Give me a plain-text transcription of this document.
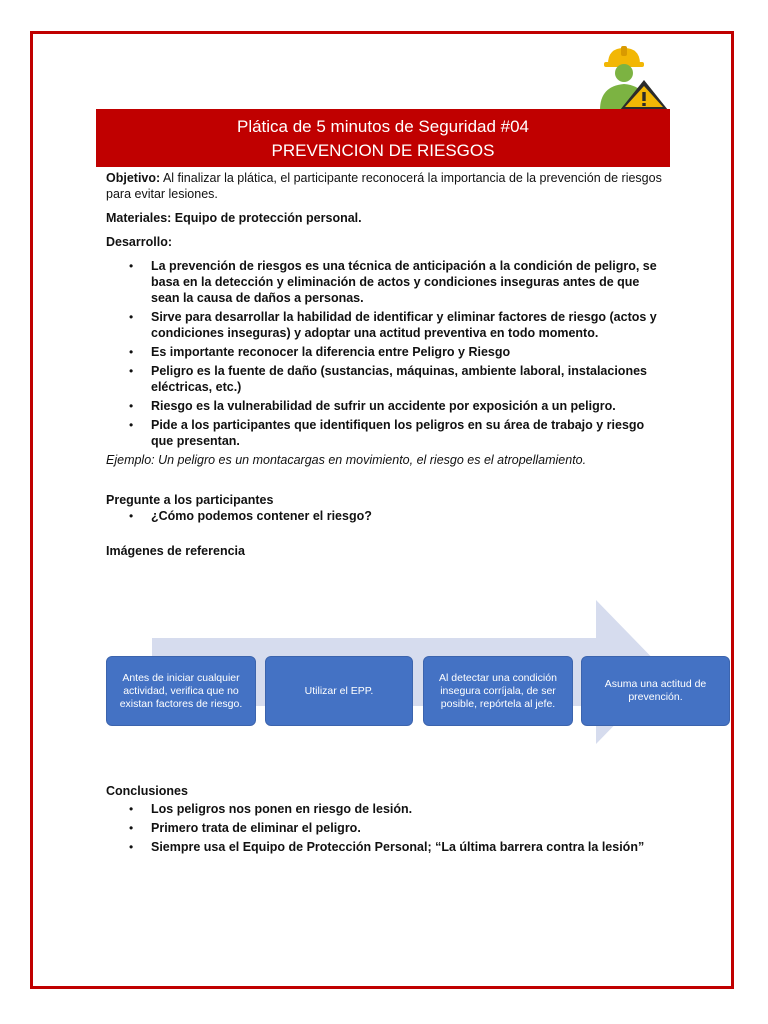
Plática de 5 minutos de Seguridad #04
PREVENCION DE RIESGOS

Objetivo: Al finalizar la plática, el participante reconocerá la importancia de la prevención de riesgos para evitar lesiones.

Materiales: Equipo de protección personal.

Desarrollo:

• La prevención de riesgos es una técnica de anticipación a la condición de peligro, se basa en la detección y eliminación de actos y condiciones inseguras antes de que sean la causa de daños a personas.
• Sirve para desarrollar la habilidad de identificar y eliminar factores de riesgo (actos y condiciones inseguras) y adoptar una actitud preventiva en todo momento.
• Es importante reconocer la diferencia entre Peligro y Riesgo
• Peligro es la fuente de daño (sustancias, máquinas, ambiente laboral, instalaciones eléctricas, etc.)
• Riesgo es la vulnerabilidad de sufrir un accidente por exposición a un peligro.
• Pide a los participantes que identifiquen los peligros en su área de trabajo y riesgo que presentan.

Ejemplo: Un peligro es un montacargas en movimiento, el riesgo es el atropellamiento.

Pregunte a los participantes

• ¿Cómo podemos contener el riesgo?

Imágenes de referencia

Antes de iniciar cualquier actividad, verifica que no existan factores de riesgo.
Utilizar el EPP.
Al detectar una condición insegura corríjala, de ser posible, repórtela al jefe.
Asuma una actitud de prevención.

Conclusiones

• Los peligros nos ponen en riesgo de lesión.
• Primero trata de eliminar el peligro.
• Siempre usa el Equipo de Protección Personal; “La última barrera contra la lesión”
